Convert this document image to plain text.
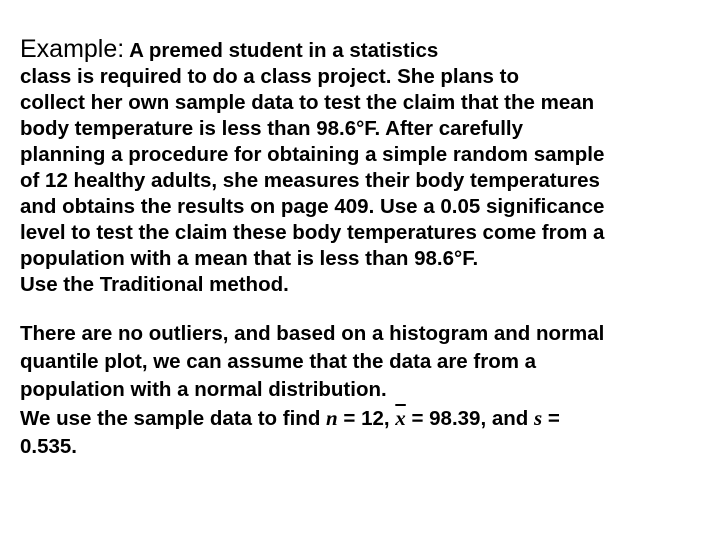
Example: A premed student in a statistics
class is required to do a class project. She plans to
collect her own sample data to test the claim that the mean
body temperature is less than 98.6°F. After carefully
planning a procedure for obtaining a simple random sample
of 12 healthy adults, she measures their body temperatures
and obtains the results on page 409. Use a 0.05 significance
level to test the claim these body temperatures come from a
population with a mean that is less than 98.6°F.
Use the Traditional method.
There are no outliers, and based on a histogram and normal
quantile plot, we can assume that the data are from a
population with a normal distribution.
We use the sample data to find n = 12, $\overline{x} = 98.39$, and s =
0.535.
